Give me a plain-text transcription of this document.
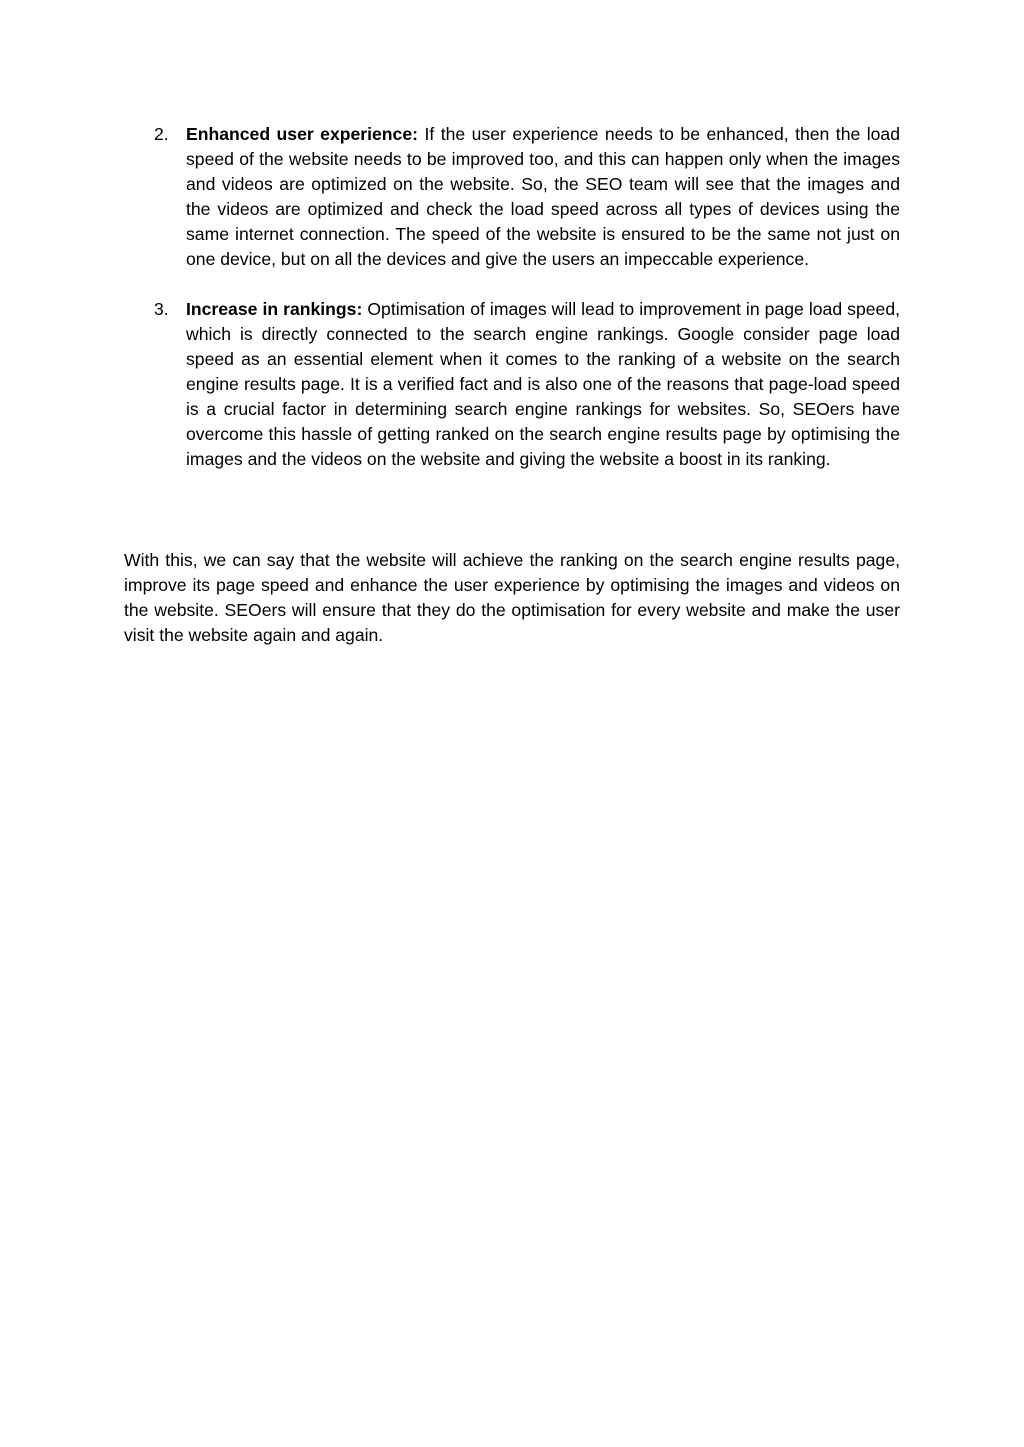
2. Enhanced user experience: If the user experience needs to be enhanced, then the load speed of the website needs to be improved too, and this can happen only when the images and videos are optimized on the website. So, the SEO team will see that the images and the videos are optimized and check the load speed across all types of devices using the same internet connection. The speed of the website is ensured to be the same not just on one device, but on all the devices and give the users an impeccable experience.
3. Increase in rankings: Optimisation of images will lead to improvement in page load speed, which is directly connected to the search engine rankings. Google consider page load speed as an essential element when it comes to the ranking of a website on the search engine results page. It is a verified fact and is also one of the reasons that page-load speed is a crucial factor in determining search engine rankings for websites. So, SEOers have overcome this hassle of getting ranked on the search engine results page by optimising the images and the videos on the website and giving the website a boost in its ranking.

With this, we can say that the website will achieve the ranking on the search engine results page, improve its page speed and enhance the user experience by optimising the images and videos on the website. SEOers will ensure that they do the optimisation for every website and make the user visit the website again and again.
